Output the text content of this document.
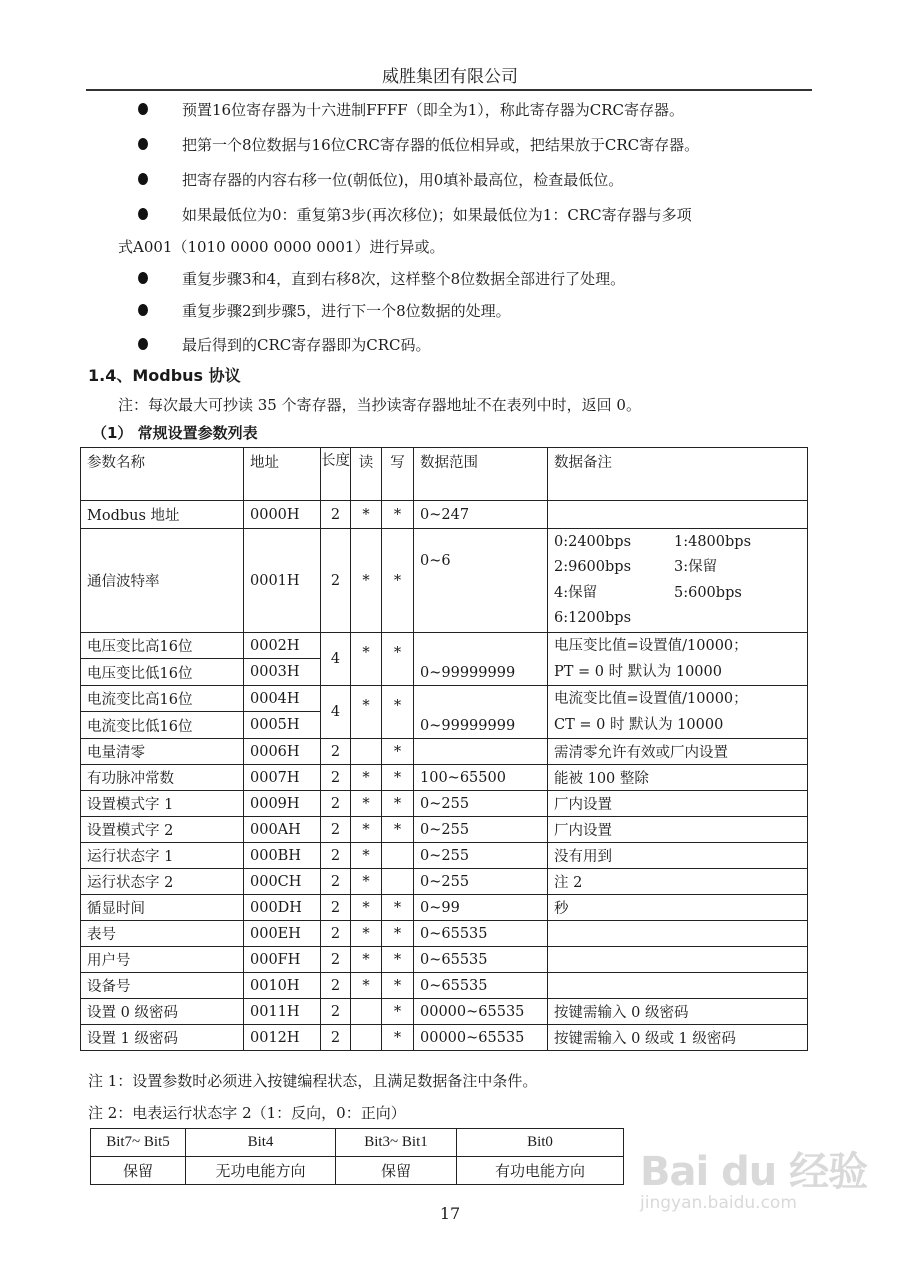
威胜集团有限公司
预置16位寄存器为十六进制FFFF（即全为1），称此寄存器为CRC寄存器。
把第一个8位数据与16位CRC寄存器的低位相异或，把结果放于CRC寄存器。
把寄存器的内容右移一位(朝低位)，用0填补最高位，检查最低位。
如果最低位为0：重复第3步(再次移位)；如果最低位为1：CRC寄存器与多项
式A001（1010 0000 0000 0001）进行异或。
重复步骤3和4，直到右移8次，这样整个8位数据全部进行了处理。
重复步骤2到步骤5，进行下一个8位数据的处理。
最后得到的CRC寄存器即为CRC码。
1.4、Modbus 协议
注：每次最大可抄读 35 个寄存器，当抄读寄存器地址不在表列中时，返回 0。
（1） 常规设置参数列表
参数名称	地址	长度	读	写	数据范围	数据备注
Modbus 地址	0000H	2	*	*	0~247	
通信波特率	0001H	2	*	*	0~6	
0:2400bps	1:4800bps
2:9600bps	3:保留
4:保留	5:600bps
6:1200bps

电压变比高16位	0002H	4	*	*	0~99999999	电压变比值=设置值/10000；
PT = 0 时 默认为 10000

电压变比低16位	0003H					
电流变比高16位	0004H	4	*	*	0~99999999	电流变比值=设置值/10000；
CT = 0 时 默认为 10000

电流变比低16位	0005H					
电量清零	0006H	2		*		需清零允许有效或厂内设置
有功脉冲常数	0007H	2	*	*	100~65500	能被 100 整除
设置模式字 1	0009H	2	*	*	0~255	厂内设置
设置模式字 2	000AH	2	*	*	0~255	厂内设置
运行状态字 1	000BH	2	*		0~255	没有用到
运行状态字 2	000CH	2	*		0~255	注 2
循显时间	000DH	2	*	*	0~99	秒
表号	000EH	2	*	*	0~65535	
用户号	000FH	2	*	*	0~65535	
设备号	0010H	2	*	*	0~65535	
设置 0 级密码	0011H	2		*	00000~65535	按键需输入 0 级密码
设置 1 级密码	0012H	2		*	00000~65535	按键需输入 0 级或 1 级密码
注 1：设置参数时必须进入按键编程状态，且满足数据备注中条件。
注 2：电表运行状态字 2（1：反向，0：正向）
Bit7~ Bit5	Bit4	Bit3~ Bit1	Bit0
保留	无功电能方向	保留	有功电能方向
17
Bai du 经验
jingyan.baidu.com
